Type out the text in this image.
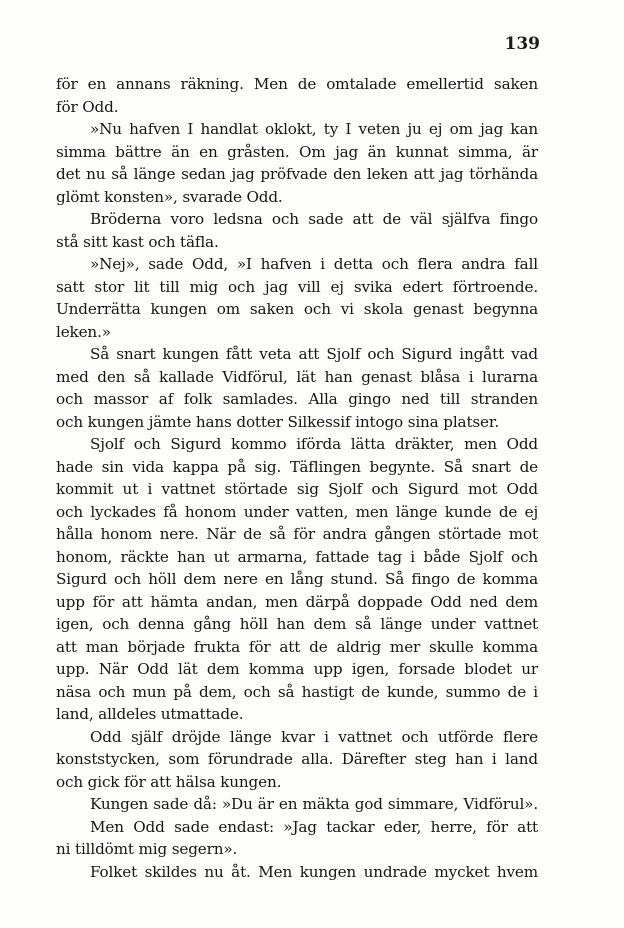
139
för en annans räkning. Men de omtalade emellertid saken
för Odd.
»Nu hafven I handlat oklokt, ty I veten ju ej om jag kan
simma bättre än en gråsten. Om jag än kunnat simma, är
det nu så länge sedan jag pröfvade den leken att jag törhända
glömt konsten», svarade Odd.
Bröderna voro ledsna och sade att de väl själfva fingo
stå sitt kast och täfla.
»Nej», sade Odd, »I hafven i detta och flera andra fall
satt stor lit till mig och jag vill ej svika edert förtroende.
Underrätta kungen om saken och vi skola genast begynna
leken.»
Så snart kungen fått veta att Sjolf och Sigurd ingått vad
med den så kallade Vidförul, lät han genast blåsa i lurarna
och massor af folk samlades. Alla gingo ned till stranden
och kungen jämte hans dotter Silkessif intogo sina platser.
Sjolf och Sigurd kommo iförda lätta dräkter, men Odd
hade sin vida kappa på sig. Täflingen begynte. Så snart de
kommit ut i vattnet störtade sig Sjolf och Sigurd mot Odd
och lyckades få honom under vatten, men länge kunde de ej
hålla honom nere. När de så för andra gången störtade mot
honom, räckte han ut armarna, fattade tag i både Sjolf och
Sigurd och höll dem nere en lång stund. Så fingo de komma
upp för att hämta andan, men därpå doppade Odd ned dem
igen, och denna gång höll han dem så länge under vattnet
att man började frukta för att de aldrig mer skulle komma
upp. När Odd lät dem komma upp igen, forsade blodet ur
näsa och mun på dem, och så hastigt de kunde, summo de i
land, alldeles utmattade.
Odd själf dröjde länge kvar i vattnet och utförde flere
konststycken, som förundrade alla. Därefter steg han i land
och gick för att hälsa kungen.
Kungen sade då: »Du är en mäkta god simmare, Vidförul».
Men Odd sade endast: »Jag tackar eder, herre, för att
ni tilldömt mig segern».
Folket skildes nu åt. Men kungen undrade mycket hvem
